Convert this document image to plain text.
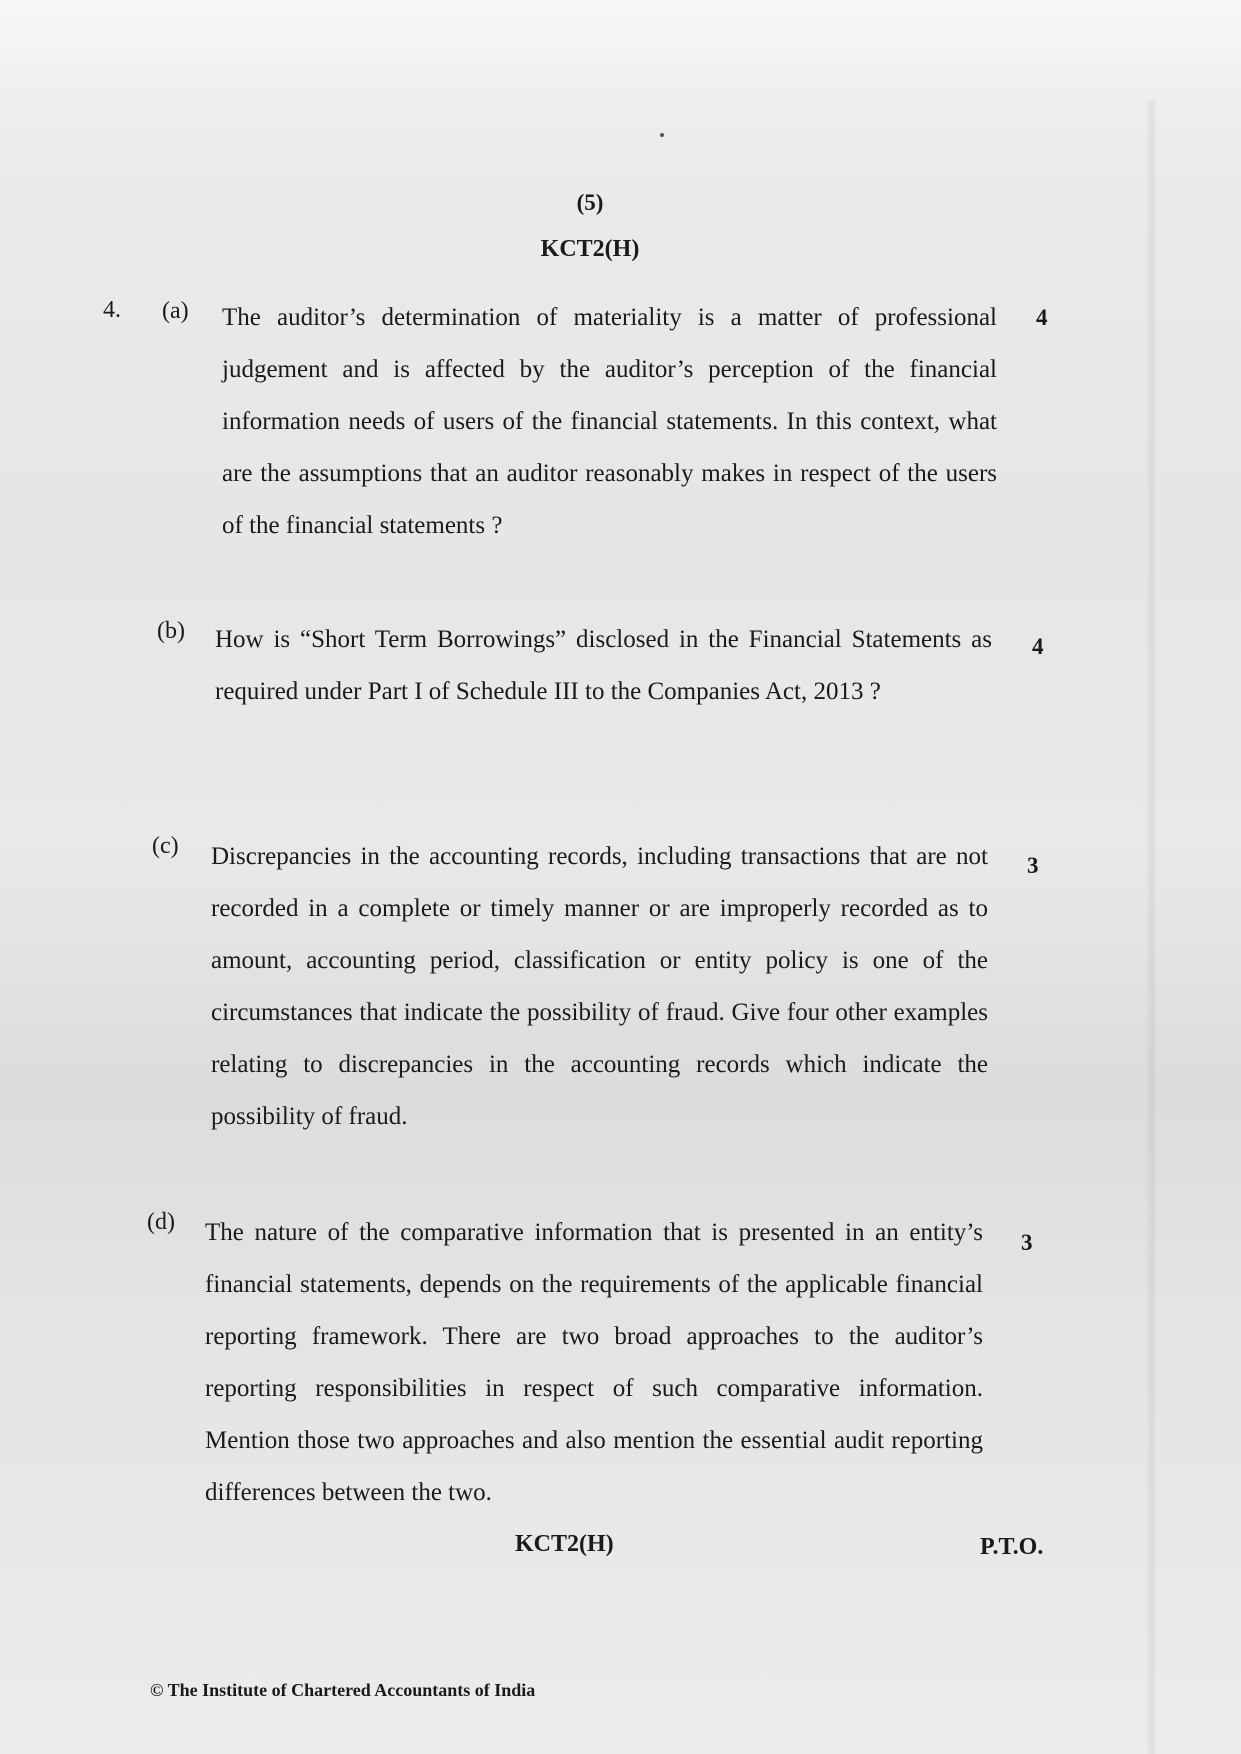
(5)
KCT2(H)
4. (a) The auditor’s determination of materiality is a matter of professional judgement and is affected by the auditor’s perception of the financial information needs of users of the financial statements. In this context, what are the assumptions that an auditor reasonably makes in respect of the users of the financial statements ?
4
(b) How is “Short Term Borrowings” disclosed in the Financial Statements as required under Part I of Schedule III to the Companies Act, 2013 ?
4
(c) Discrepancies in the accounting records, including transactions that are not recorded in a complete or timely manner or are improperly recorded as to amount, accounting period, classification or entity policy is one of the circumstances that indicate the possibility of fraud. Give four other examples relating to discrepancies in the accounting records which indicate the possibility of fraud.
3
(d) The nature of the comparative information that is presented in an entity’s financial statements, depends on the requirements of the applicable financial reporting framework. There are two broad approaches to the auditor’s reporting responsibilities in respect of such comparative information. Mention those two approaches and also mention the essential audit reporting differences between the two.
3
KCT2(H)	P.T.O.
© The Institute of Chartered Accountants of India
